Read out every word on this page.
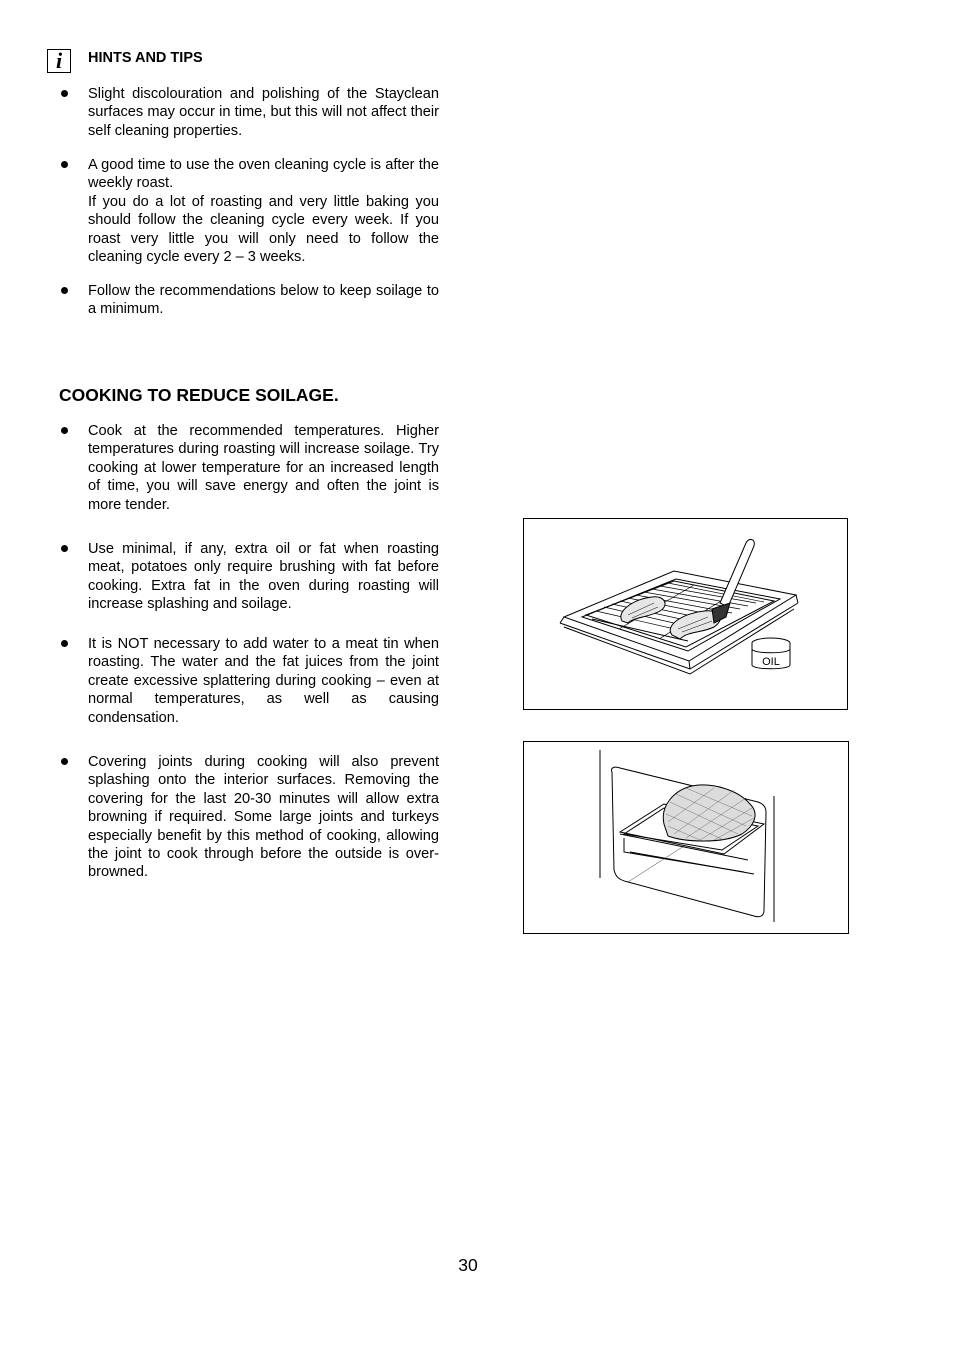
i	HINTS AND TIPS

Slight discolouration and polishing of the Stayclean surfaces may occur in time, but this will not affect their self cleaning properties.

A good time to use the oven cleaning cycle is after the weekly roast.

If you do a lot of roasting and very little baking you should follow the cleaning cycle every week. If you roast very little you will only need to follow the cleaning cycle every 2 – 3 weeks.

Follow the recommendations below to keep soilage to a minimum.

COOKING TO REDUCE SOILAGE.

Cook at the recommended temperatures. Higher temperatures during roasting will increase soilage. Try cooking at lower temperature for an increased length of time, you will save energy and often the joint is more tender.

Use minimal, if any, extra oil or fat when roasting meat, potatoes only require brushing with fat before cooking. Extra fat in the oven during roasting will increase splashing and soilage.

It is NOT necessary to add water to a meat tin when roasting. The water and the fat juices from the joint create excessive splattering during cooking – even at normal temperatures, as well as causing condensation.

Covering joints during cooking will also prevent splashing onto the interior surfaces. Removing the covering for the last 20-30 minutes will allow extra browning if required. Some large joints and turkeys especially benefit by this method of cooking, allowing the joint to cook through before the outside is over-browned.

OIL
30
